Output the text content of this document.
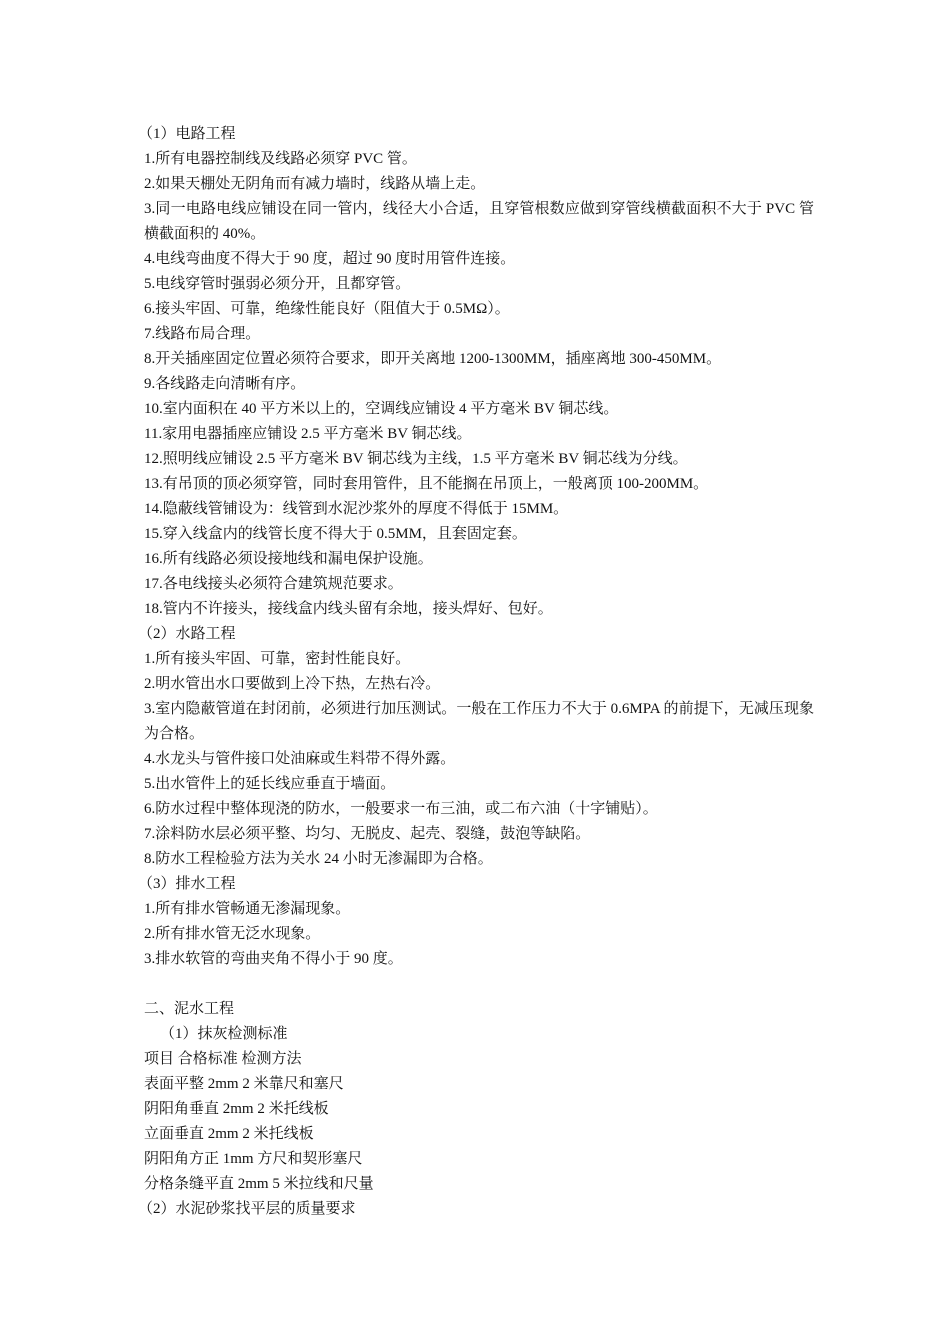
（1）电路工程
1.所有电器控制线及线路必须穿 PVC 管。
2.如果天棚处无阴角而有减力墙时，线路从墙上走。
3.同一电路电线应铺设在同一管内，线径大小合适，且穿管根数应做到穿管线横截面积不大于 PVC 管横截面积的 40%。
4.电线弯曲度不得大于 90 度，超过 90 度时用管件连接。
5.电线穿管时强弱必须分开，且都穿管。
6.接头牢固、可靠，绝缘性能良好（阻值大于 0.5MΩ）。
7.线路布局合理。
8.开关插座固定位置必须符合要求，即开关离地 1200-1300MM，插座离地 300-450MM。
9.各线路走向清晰有序。
10.室内面积在 40 平方米以上的，空调线应铺设 4 平方毫米 BV 铜芯线。
11.家用电器插座应铺设 2.5 平方毫米 BV 铜芯线。
12.照明线应铺设 2.5 平方毫米 BV 铜芯线为主线，1.5 平方毫米 BV 铜芯线为分线。
13.有吊顶的顶必须穿管，同时套用管件，且不能搁在吊顶上，一般离顶 100-200MM。
14.隐蔽线管铺设为：线管到水泥沙浆外的厚度不得低于 15MM。
15.穿入线盒内的线管长度不得大于 0.5MM，且套固定套。
16.所有线路必须设接地线和漏电保护设施。
17.各电线接头必须符合建筑规范要求。
18.管内不许接头，接线盒内线头留有余地，接头焊好、包好。
（2）水路工程
1.所有接头牢固、可靠，密封性能良好。
2.明水管出水口要做到上冷下热，左热右冷。
3.室内隐蔽管道在封闭前，必须进行加压测试。一般在工作压力不大于 0.6MPA 的前提下，无减压现象为合格。
4.水龙头与管件接口处油麻或生料带不得外露。
5.出水管件上的延长线应垂直于墙面。
6.防水过程中整体现浇的防水，一般要求一布三油，或二布六油（十字铺贴）。
7.涂料防水层必须平整、均匀、无脱皮、起壳、裂缝，鼓泡等缺陷。
8.防水工程检验方法为关水 24 小时无渗漏即为合格。
（3）排水工程
1.所有排水管畅通无渗漏现象。
2.所有排水管无泛水现象。
3.排水软管的弯曲夹角不得小于 90 度。
二、泥水工程
（1）抹灰检测标准
项目 合格标准 检测方法
表面平整 2mm 2 米靠尺和塞尺
阴阳角垂直 2mm 2 米托线板
立面垂直 2mm 2 米托线板
阴阳角方正 1mm 方尺和契形塞尺
分格条缝平直 2mm 5 米拉线和尺量
（2）水泥砂浆找平层的质量要求
